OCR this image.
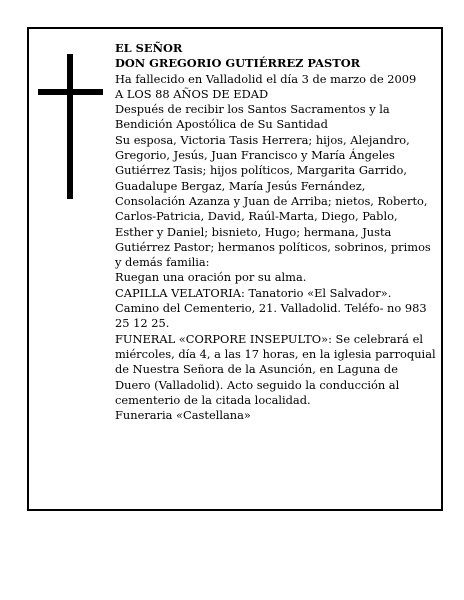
EL SEÑOR

DON GREGORIO GUTIÉRREZ PASTOR

Ha fallecido en Valladolid el día 3 de marzo de 2009

A LOS 88 AÑOS DE EDAD

Después de recibir los Santos Sacramentos y la Bendición Apostólica de Su Santidad

Su esposa, Victoria Tasis Herrera; hijos, Alejandro, Gregorio, Jesús, Juan Francisco y María Ángeles Gutiérrez Tasis; hijos políticos, Margarita Garrido, Guadalupe Bergaz, María Jesús Fernández, Consolación Azanza y Juan de Arriba; nietos, Roberto, Carlos-Patricia, David, Raúl-Marta, Diego, Pablo, Esther y Daniel; bisnieto, Hugo; hermana, Justa Gutiérrez Pastor; hermanos políticos, sobrinos, primos y demás familia:

Ruegan una oración por su alma.

CAPILLA VELATORIA: Tanatorio «El Salvador». Camino del Cementerio, 21. Valladolid. Teléfo- no 983 25 12 25.

FUNERAL «CORPORE INSEPULTO»: Se celebrará el miércoles, día 4, a las 17 horas, en la iglesia parroquial de Nuestra Señora de la Asunción, en Laguna de Duero (Valladolid). Acto seguido la conducción al cementerio de la citada localidad.

Funeraria «Castellana»
